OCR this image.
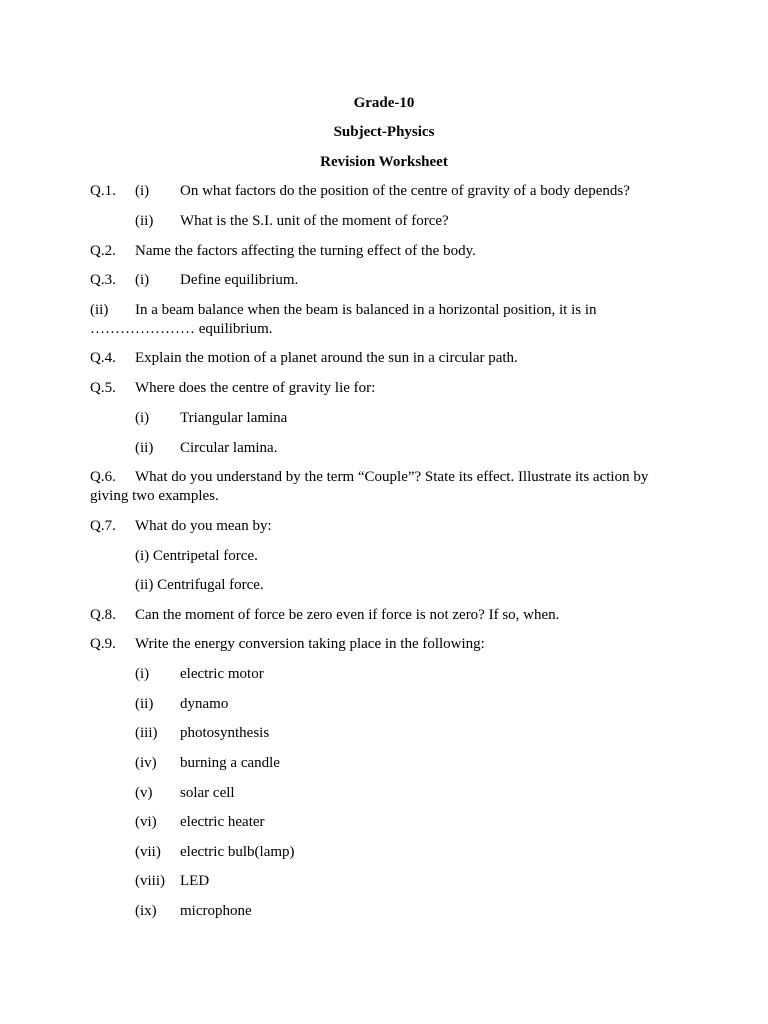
Grade-10
Subject-Physics
Revision Worksheet
Q.1. (i) On what factors do the position of the centre of gravity of a body depends?
(ii) What is the S.I. unit of the moment of force?
Q.2. Name the factors affecting the turning effect of the body.
Q.3. (i) Define equilibrium.
(ii) In a beam balance when the beam is balanced in a horizontal position, it is in
………………… equilibrium.
Q.4. Explain the motion of a planet around the sun in a circular path.
Q.5. Where does the centre of gravity lie for:
(i) Triangular lamina
(ii) Circular lamina.
Q.6. What do you understand by the term “Couple”? State its effect. Illustrate its action by
giving two examples.
Q.7. What do you mean by:
(i) Centripetal force.
(ii) Centrifugal force.
Q.8. Can the moment of force be zero even if force is not zero? If so, when.
Q.9. Write the energy conversion taking place in the following:
(i) electric motor
(ii) dynamo
(iii) photosynthesis
(iv) burning a candle
(v) solar cell
(vi) electric heater
(vii) electric bulb(lamp)
(viii) LED
(ix) microphone
